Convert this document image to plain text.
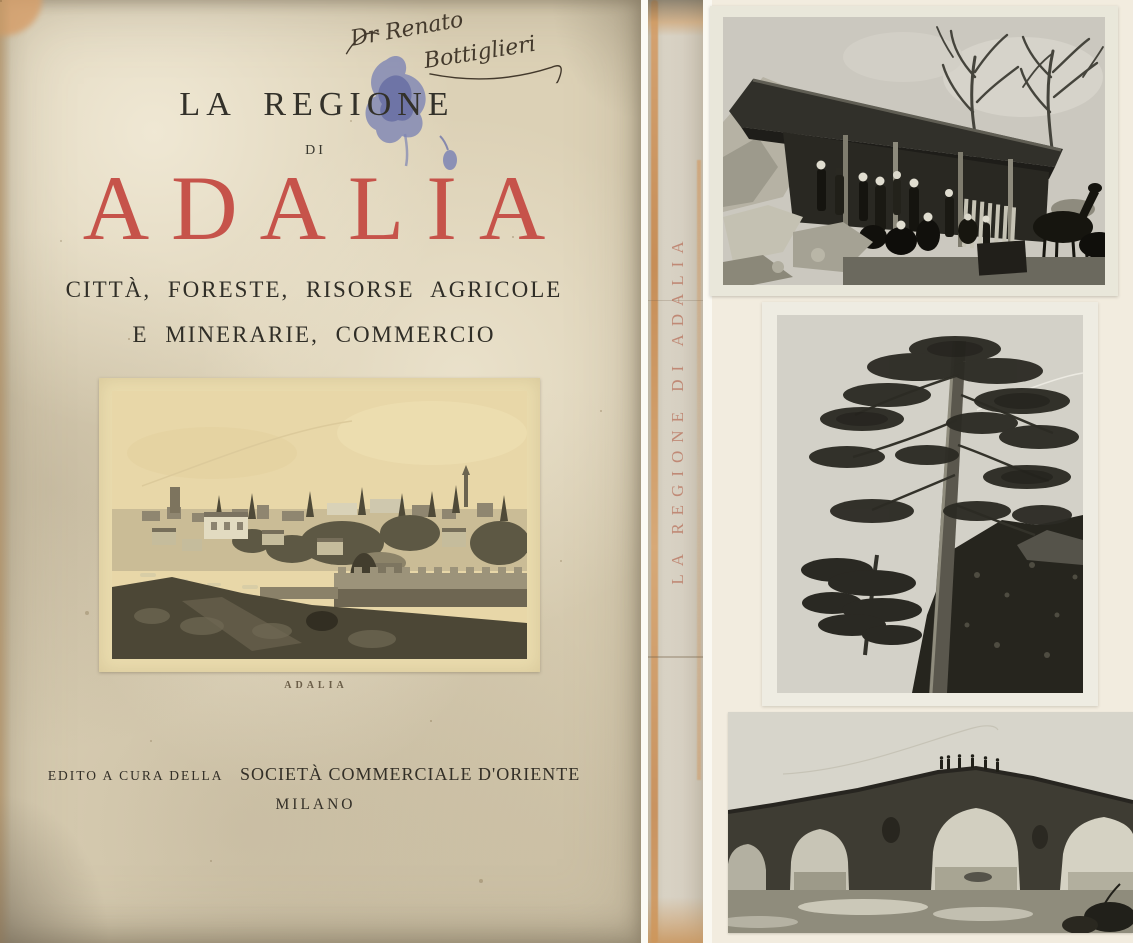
Dr Renato
Bottiglieri
LA REGIONE
DI
ADALIA
CITTÀ, FORESTE, RISORSE AGRICOLE
E MINERARIE, COMMERCIO
ADALIA
EDITO A CURA DELLA SOCIETÀ COMMERCIALE D'ORIENTE
MILANO
LA REGIONE DI ADALIA
